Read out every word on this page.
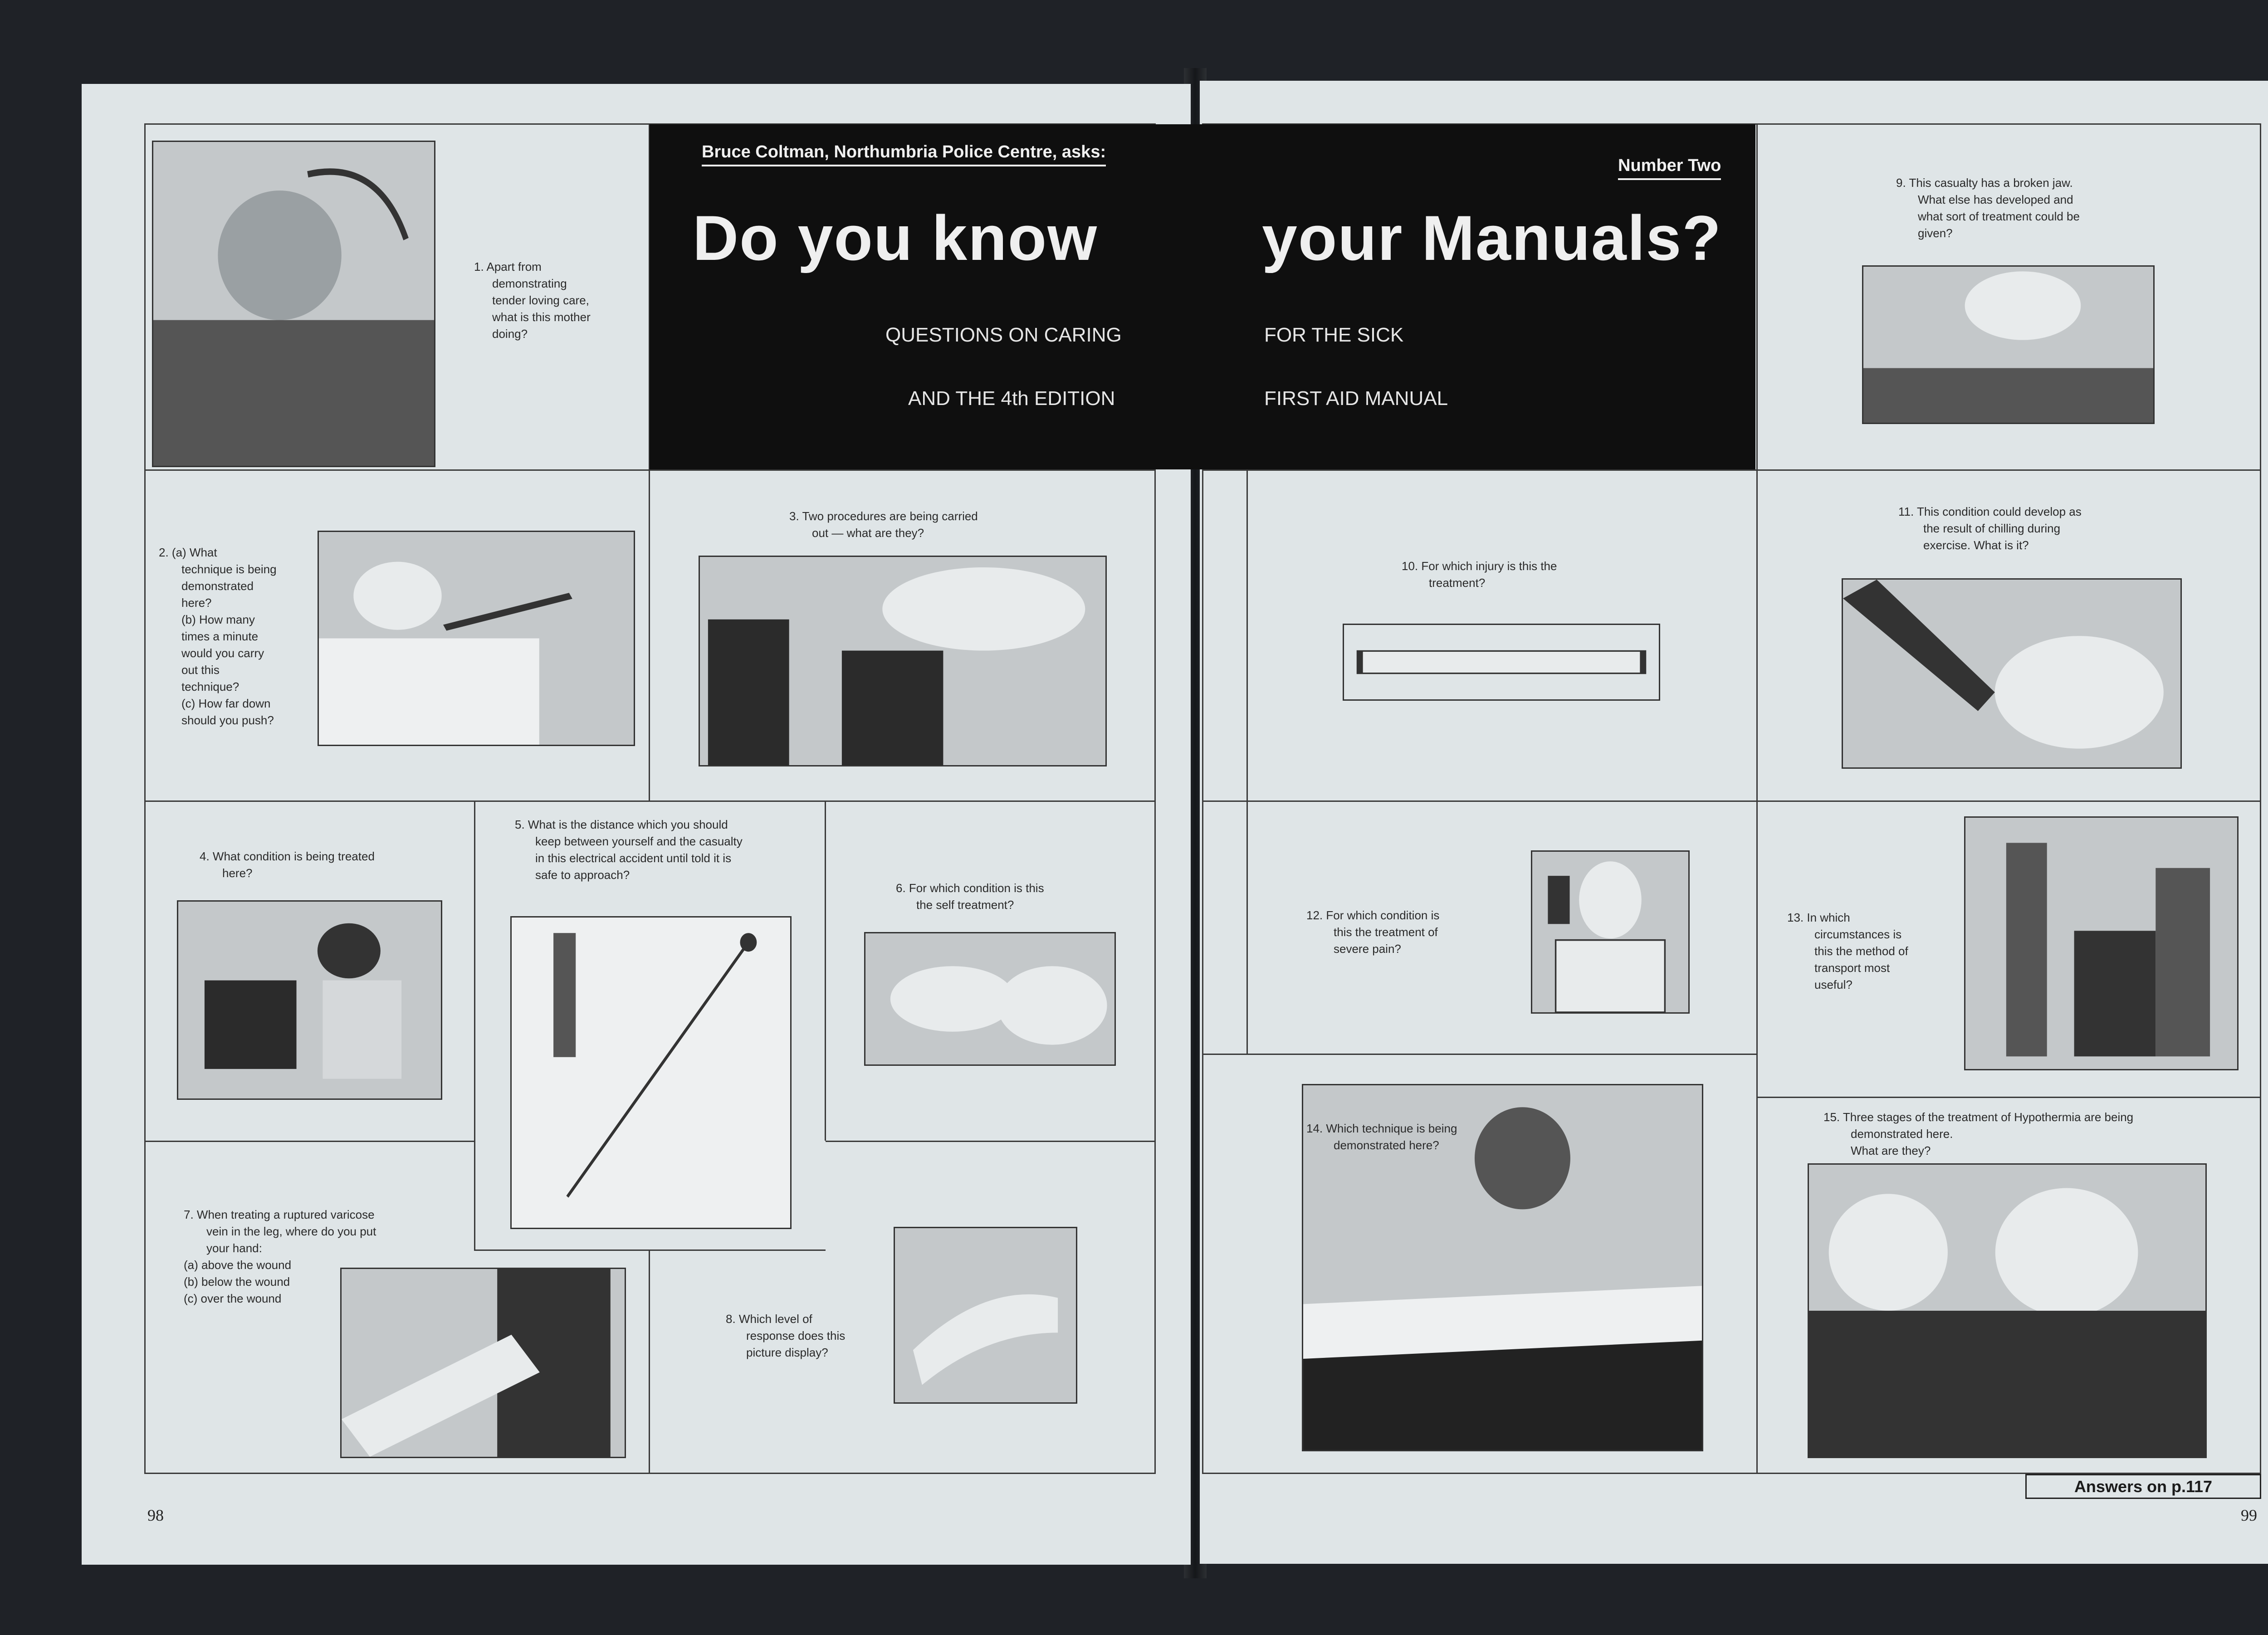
Bruce Coltman, Northumbria Police Centre, asks:
Do you know
QUESTIONS ON CARING
AND THE 4th EDITION
Number Two
your Manuals?
FOR THE SICK
FIRST AID MANUAL
1. Apart from
demonstrating
tender loving care,
what is this mother
doing?
2. (a) What
technique is being
demonstrated
here?
(b) How many
times a minute
would you carry
out this
technique?
(c) How far down
should you push?
3. Two procedures are being carried
out — what are they?
4. What condition is being treated
here?
5. What is the distance which you should
keep between yourself and the casualty
in this electrical accident until told it is
safe to approach?
6. For which condition is this
the self treatment?
7. When treating a ruptured varicose
vein in the leg, where do you put
your hand:
(a) above the wound
(b) below the wound
(c) over the wound
8. Which level of
response does this
picture display?
9. This casualty has a broken jaw.
What else has developed and
what sort of treatment could be
given?
10. For which injury is this the
treatment?
11. This condition could develop as
the result of chilling during
exercise. What is it?
12. For which condition is
this the treatment of
severe pain?
13. In which
circumstances is
this the method of
transport most
useful?
14. Which technique is being
demonstrated here?
15. Three stages of the treatment of Hypothermia are being
demonstrated here.
What are they?
Answers on p.117
98	99
